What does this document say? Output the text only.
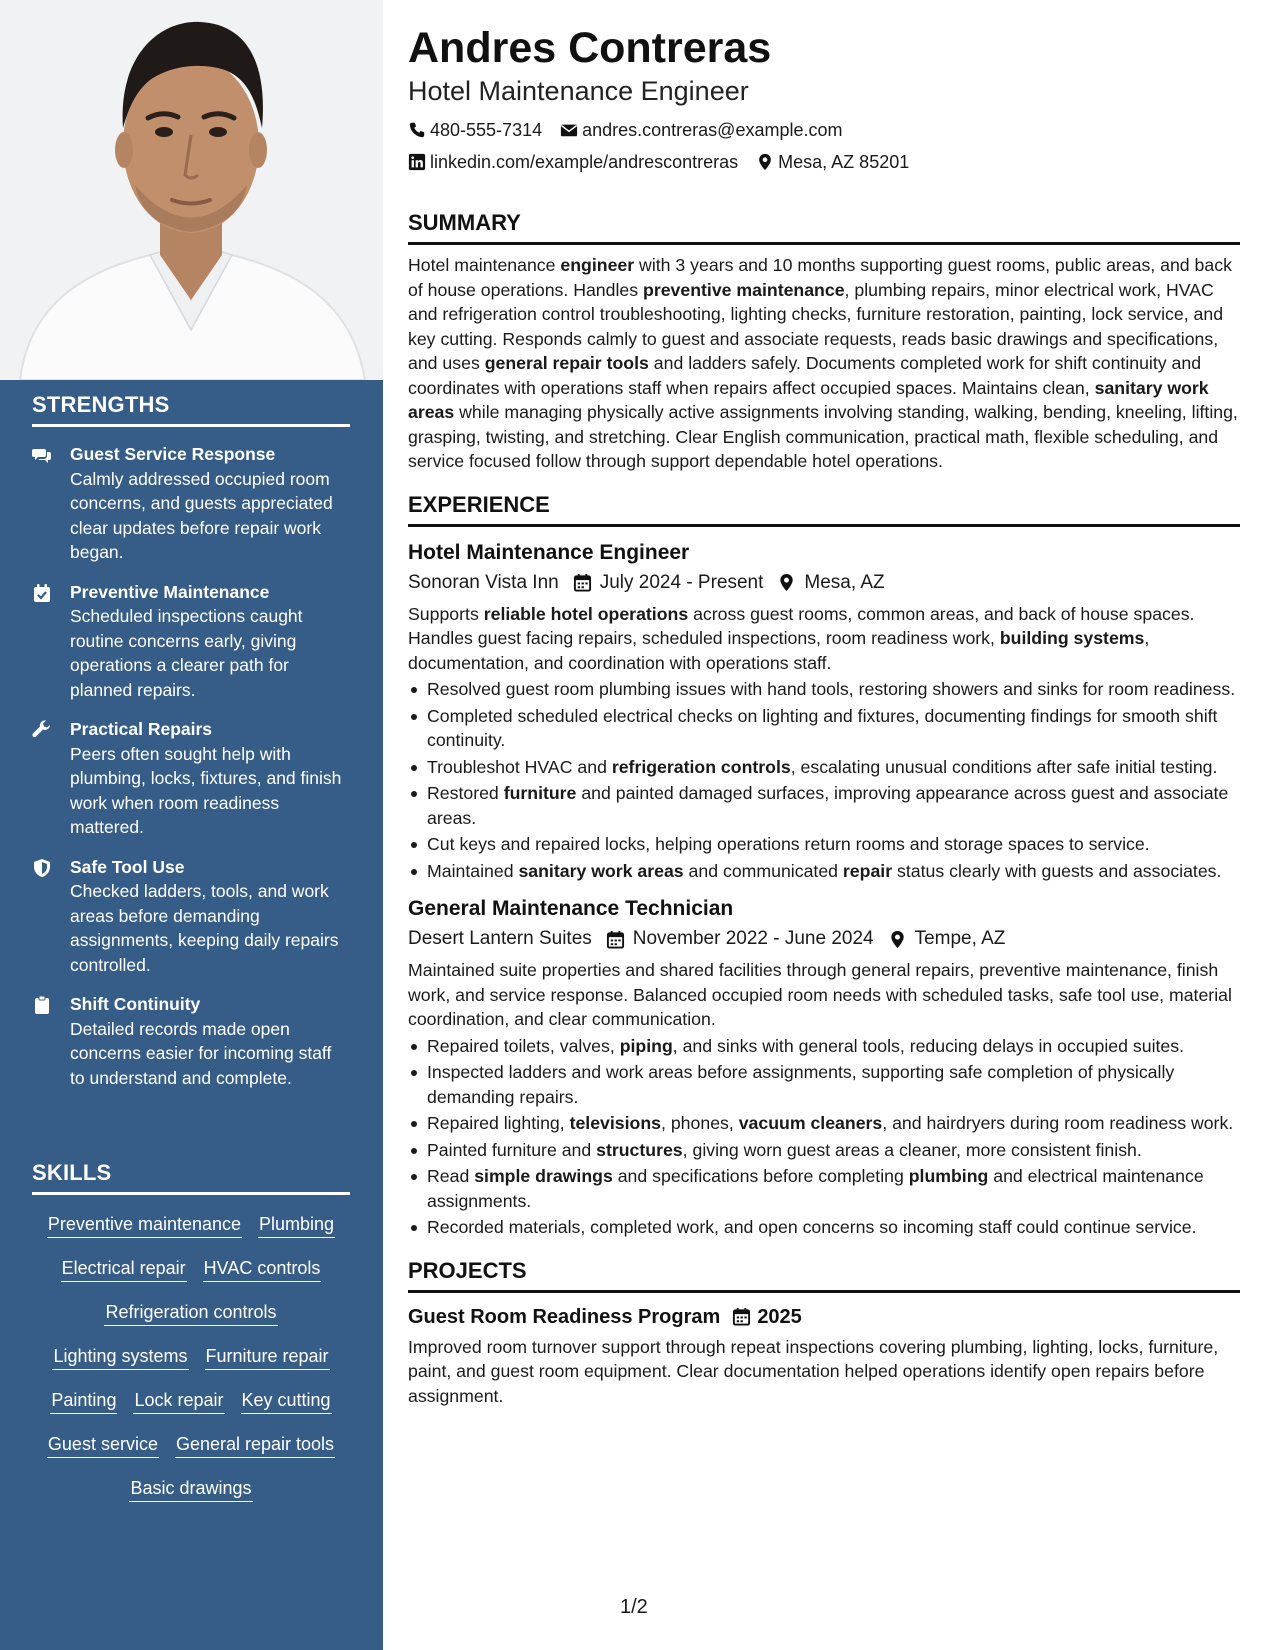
STRENGTHS
Guest Service Response
Calmly addressed occupied room concerns, and guests appreciated clear updates before repair work began.
Preventive Maintenance
Scheduled inspections caught routine concerns early, giving operations a clearer path for planned repairs.
Practical Repairs
Peers often sought help with plumbing, locks, fixtures, and finish work when room readiness mattered.
Safe Tool Use
Checked ladders, tools, and work areas before demanding assignments, keeping daily repairs controlled.
Shift Continuity
Detailed records made open concerns easier for incoming staff to understand and complete.
SKILLS
Preventive maintenance Plumbing
Electrical repair HVAC controls
Refrigeration controls
Lighting systems Furniture repair
Painting Lock repair Key cutting
Guest service General repair tools
Basic drawings
Andres Contreras
Hotel Maintenance Engineer
480-555-7314 andres.contreras@example.com
linkedin.com/example/andrescontreras Mesa, AZ 85201
SUMMARY
Hotel maintenance engineer with 3 years and 10 months supporting guest rooms, public areas, and back of house operations. Handles preventive maintenance, plumbing repairs, minor electrical work, HVAC and refrigeration control troubleshooting, lighting checks, furniture restoration, painting, lock service, and key cutting. Responds calmly to guest and associate requests, reads basic drawings and specifications, and uses general repair tools and ladders safely. Documents completed work for shift continuity and coordinates with operations staff when repairs affect occupied spaces. Maintains clean, sanitary work areas while managing physically active assignments involving standing, walking, bending, kneeling, lifting, grasping, twisting, and stretching. Clear English communication, practical math, flexible scheduling, and service focused follow through support dependable hotel operations.
EXPERIENCE
Hotel Maintenance Engineer
Sonoran Vista Inn July 2024 - Present Mesa, AZ
Supports reliable hotel operations across guest rooms, common areas, and back of house spaces. Handles guest facing repairs, scheduled inspections, room readiness work, building systems, documentation, and coordination with operations staff.
Resolved guest room plumbing issues with hand tools, restoring showers and sinks for room readiness.
Completed scheduled electrical checks on lighting and fixtures, documenting findings for smooth shift continuity.
Troubleshot HVAC and refrigeration controls, escalating unusual conditions after safe initial testing.
Restored furniture and painted damaged surfaces, improving appearance across guest and associate areas.
Cut keys and repaired locks, helping operations return rooms and storage spaces to service.
Maintained sanitary work areas and communicated repair status clearly with guests and associates.
General Maintenance Technician
Desert Lantern Suites November 2022 - June 2024 Tempe, AZ
Maintained suite properties and shared facilities through general repairs, preventive maintenance, finish work, and service response. Balanced occupied room needs with scheduled tasks, safe tool use, material coordination, and clear communication.
Repaired toilets, valves, piping, and sinks with general tools, reducing delays in occupied suites.
Inspected ladders and work areas before assignments, supporting safe completion of physically demanding repairs.
Repaired lighting, televisions, phones, vacuum cleaners, and hairdryers during room readiness work.
Painted furniture and structures, giving worn guest areas a cleaner, more consistent finish.
Read simple drawings and specifications before completing plumbing and electrical maintenance assignments.
Recorded materials, completed work, and open concerns so incoming staff could continue service.
PROJECTS
Guest Room Readiness Program 2025
Improved room turnover support through repeat inspections covering plumbing, lighting, locks, furniture, paint, and guest room equipment. Clear documentation helped operations identify open repairs before assignment.
1/2
